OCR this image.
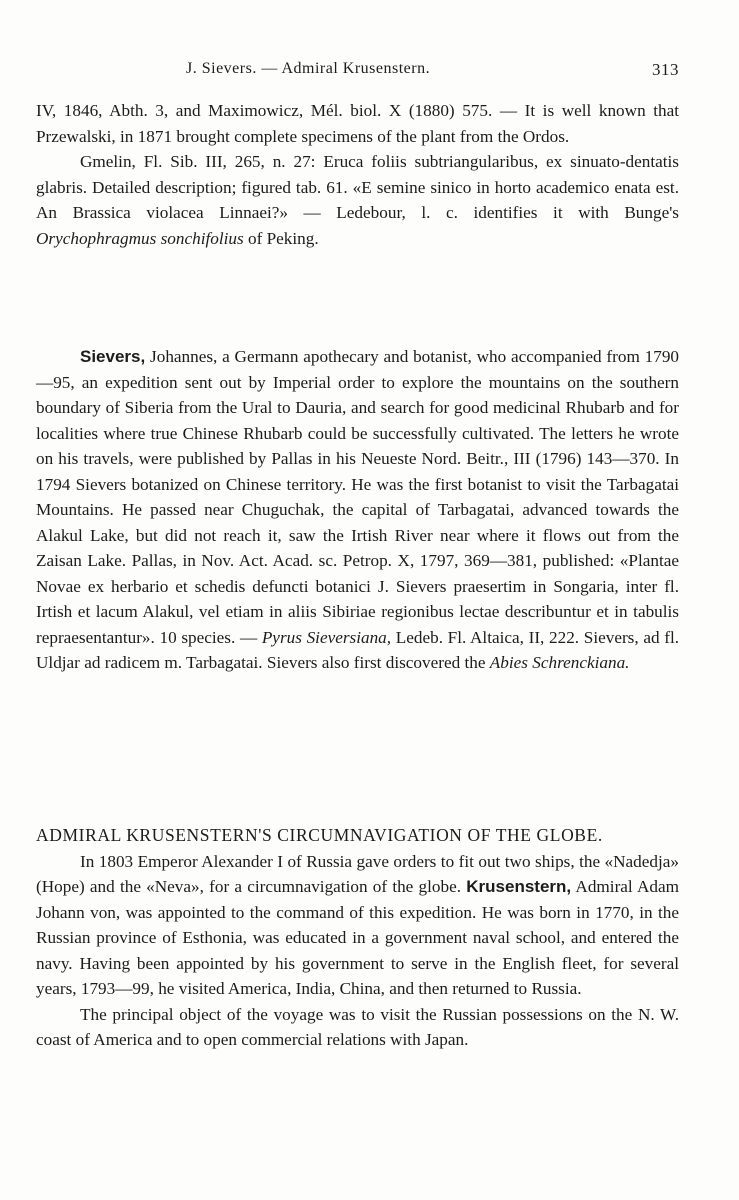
J. Sievers. — Admiral Krusenstern.	313

IV, 1846, Abth. 3, and Maximowicz, Mél. biol. X (1880) 575. — It is well known that Przewalski, in 1871 brought complete specimens of the plant from the Ordos.

Gmelin, Fl. Sib. III, 265, n. 27: Eruca foliis subtriangularibus, ex sinuato-dentatis glabris. Detailed description; figured tab. 61. «E semine sinico in horto academico enata est. An Brassica violacea Linnaei?» — Ledebour, l. c. identifies it with Bunge's Orychophragmus sonchifolius of Peking.

Sievers, Johannes, a Germann apothecary and botanist, who accompanied from 1790—95, an expedition sent out by Imperial order to explore the mountains on the southern boundary of Siberia from the Ural to Dauria, and search for good medicinal Rhubarb and for localities where true Chinese Rhubarb could be successfully cultivated. The letters he wrote on his travels, were published by Pallas in his Neueste Nord. Beitr., III (1796) 143—370. In 1794 Sievers botanized on Chinese territory. He was the first botanist to visit the Tarbagatai Mountains. He passed near Chuguchak, the capital of Tarbagatai, advanced towards the Alakul Lake, but did not reach it, saw the Irtish River near where it flows out from the Zaisan Lake. Pallas, in Nov. Act. Acad. sc. Petrop. X, 1797, 369—381, published: «Plantae Novae ex herbario et schedis defuncti botanici J. Sievers praesertim in Songaria, inter fl. Irtish et lacum Alakul, vel etiam in aliis Sibiriae regionibus lectae describuntur et in tabulis repraesentantur». 10 species. — Pyrus Sieversiana, Ledeb. Fl. Altaica, II, 222. Sievers, ad fl. Uldjar ad radicem m. Tarbagatai. Sievers also first discovered the Abies Schrenckiana.

ADMIRAL KRUSENSTERN'S CIRCUMNAVIGATION OF THE GLOBE.

In 1803 Emperor Alexander I of Russia gave orders to fit out two ships, the «Nadedja» (Hope) and the «Neva», for a circumnavigation of the globe. Krusenstern, Admiral Adam Johann von, was appointed to the command of this expedition. He was born in 1770, in the Russian province of Esthonia, was educated in a government naval school, and entered the navy. Having been appointed by his government to serve in the English fleet, for several years, 1793—99, he visited America, India, China, and then returned to Russia.

The principal object of the voyage was to visit the Russian possessions on the N. W. coast of America and to open commercial relations with Japan.
